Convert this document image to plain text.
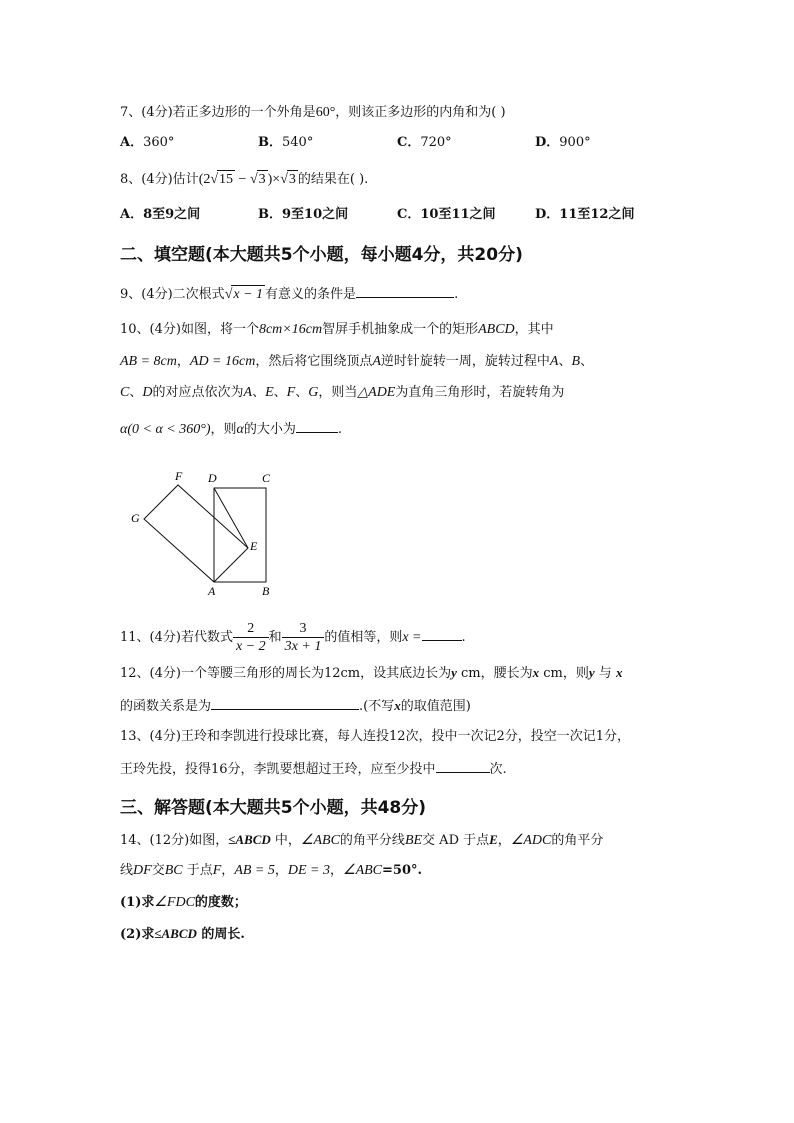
7、(4分)若正多边形的一个外角是60°，则该正多边形的内角和为( )
A．360°	B．540°	C．720°	D．900°
8、(4分)估计(2√15 − √3 )×√3 的结果在( ).
A．8至9之间	B．9至10之间	C．10至11之间	D．11至12之间
二、填空题(本大题共5个小题，每小题4分，共20分)
9、(4分)二次根式√x − 1 有意义的条件是	.
10、(4分)如图，将一个8cm×16cm智屏手机抽象成一个的矩形ABCD，其中
AB = 8cm，AD = 16cm，然后将它围绕顶点A逆时针旋转一周，旋转过程中A、B、
C、D的对应点依次为A、E、F、G，则当△ADE为直角三角形时，若旋转角为
α(0 < α < 360°)，则α的大小为	.
F D	C
G
E
A	B
11、(4分)若代数式 $\frac{2}{x - 2}$ 和 $\frac{3}{3x + 1}$ 的值相等，则x =	.
12、(4分)一个等腰三角形的周长为12cm，设其底边长为y cm，腰长为x cm，则y 与 x
的函数关系是为	.(不写x的取值范围)
13、(4分)王玲和李凯进行投球比赛，每人连投12次，投中一次记2分，投空一次记1分，
王玲先投，投得16分，李凯要想超过王玲，应至少投中	次.
三、解答题(本大题共5个小题，共48分)
14、(12分)如图，≤ABCD 中，∠ABC的角平分线BE交 AD 于点E，∠ADC的角平分
线DF交BC 于点F，AB = 5，DE = 3，∠ABC=50°.
(1)求∠FDC的度数；
(2)求≤ABCD 的周长.
